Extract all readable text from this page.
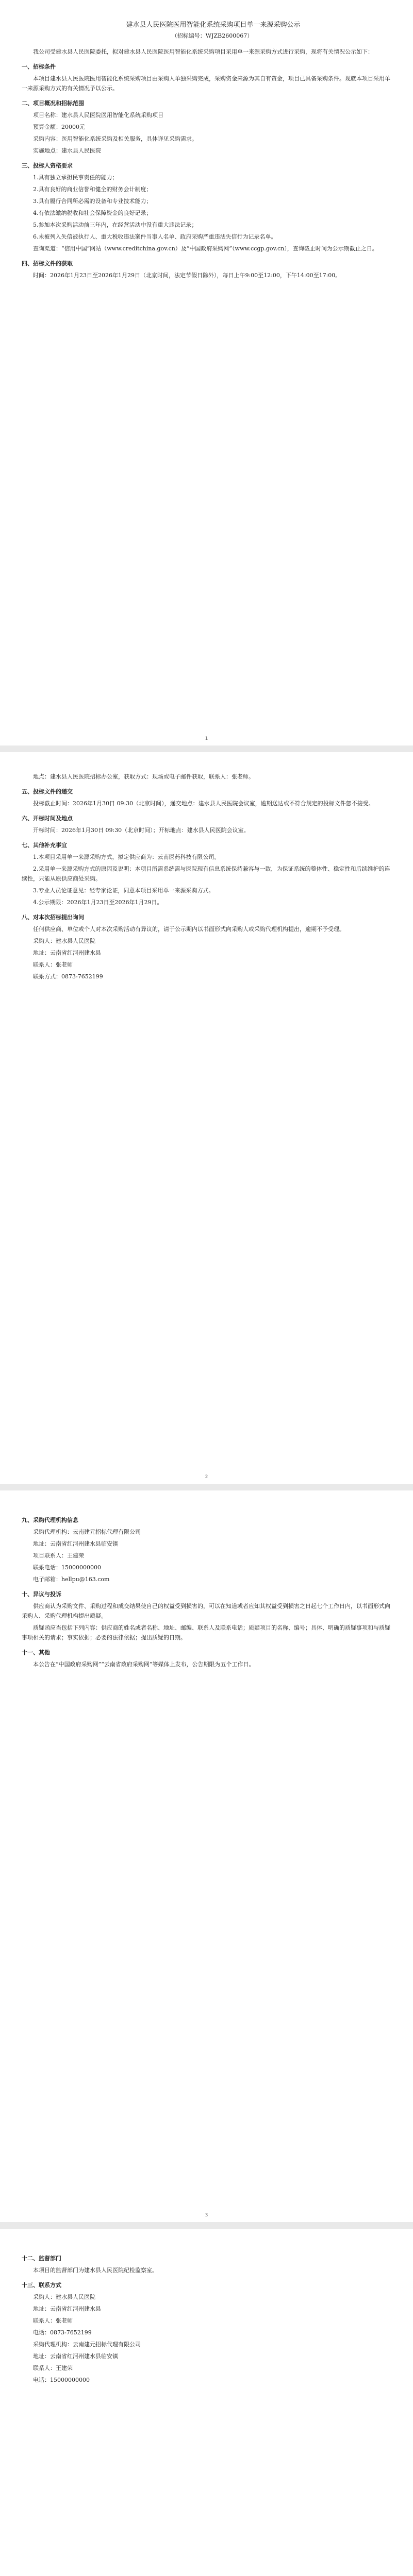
建水县人民医院医用智能化系统采购项目单一来源采购公示

（招标编号：WJZB2600067）

我公司受建水县人民医院委托，拟对建水县人民医院医用智能化系统采购项目采用单一来源采购方式进行采购，现将有关情况公示如下：

一、招标条件

本项目建水县人民医院医用智能化系统采购项目由采购人单独采购完成，采购资金来源为其自有资金，项目已具备采购条件。现就本项目采用单一来源采购方式的有关情况予以公示。

二、项目概况和招标范围

项目名称：建水县人民医院医用智能化系统采购项目

预算金额：20000元

采购内容：医用智能化系统采购及相关服务，具体详见采购需求。

实施地点：建水县人民医院

三、投标人资格要求

1.具有独立承担民事责任的能力；

2.具有良好的商业信誉和健全的财务会计制度；

3.具有履行合同所必需的设备和专业技术能力；

4.有依法缴纳税收和社会保障资金的良好记录；

5.参加本次采购活动前三年内，在经营活动中没有重大违法记录；

6.未被列入失信被执行人、重大税收违法案件当事人名单、政府采购严重违法失信行为记录名单。

查询渠道：“信用中国”网站（www.creditchina.gov.cn）及“中国政府采购网”（www.ccgp.gov.cn），查询截止时间为公示期截止之日。

四、招标文件的获取

时间：2026年1月23日至2026年1月29日（北京时间，法定节假日除外），每日上午9:00至12:00，下午14:00至17:00。

1

地点：建水县人民医院招标办公室，获取方式：现场或电子邮件获取，联系人：张老师。

五、投标文件的递交

投标截止时间：2026年1月30日 09:30（北京时间），递交地点：建水县人民医院会议室，逾期送达或不符合规定的投标文件恕不接受。

六、开标时间及地点

开标时间：2026年1月30日 09:30（北京时间）；开标地点：建水县人民医院会议室。

七、其他补充事宜

1.本项目采用单一来源采购方式，拟定供应商为：云南医药科技有限公司。

2.采用单一来源采购方式的原因及说明：本项目所需系统需与医院现有信息系统保持兼容与一致，为保证系统的整体性、稳定性和后续维护的连续性，只能从原供应商处采购。

3.专业人员论证意见：经专家论证，同意本项目采用单一来源采购方式。

4.公示期限：2026年1月23日至2026年1月29日。

八、对本次招标提出询问

任何供应商、单位或个人对本次采购活动有异议的，请于公示期内以书面形式向采购人或采购代理机构提出，逾期不予受理。

采购人：建水县人民医院

地址：云南省红河州建水县

联系人：张老师

联系方式：0873-7652199

2
九、采购代理机构信息

采购代理机构：云南建元招标代理有限公司

地址：云南省红河州建水县临安镇

项目联系人：王建荣

联系电话：15000000000

电子邮箱：hellpu@163.com

十、异议与投诉

供应商认为采购文件、采购过程和成交结果使自己的权益受到损害的，可以在知道或者应知其权益受到损害之日起七个工作日内，以书面形式向采购人、采购代理机构提出质疑。

质疑函应当包括下列内容：供应商的姓名或者名称、地址、邮编、联系人及联系电话；质疑项目的名称、编号；具体、明确的质疑事项和与质疑事项相关的请求；事实依据；必要的法律依据；提出质疑的日期。

十一、其他

本公告在“中国政府采购网”“云南省政府采购网”等媒体上发布，公告期限为五个工作日。

3
十二、监督部门

本项目的监督部门为建水县人民医院纪检监察室。

十三、联系方式

采购人：建水县人民医院

地址：云南省红河州建水县

联系人：张老师

电话：0873-7652199

采购代理机构：云南建元招标代理有限公司

地址：云南省红河州建水县临安镇

联系人：王建荣

电话：15000000000
